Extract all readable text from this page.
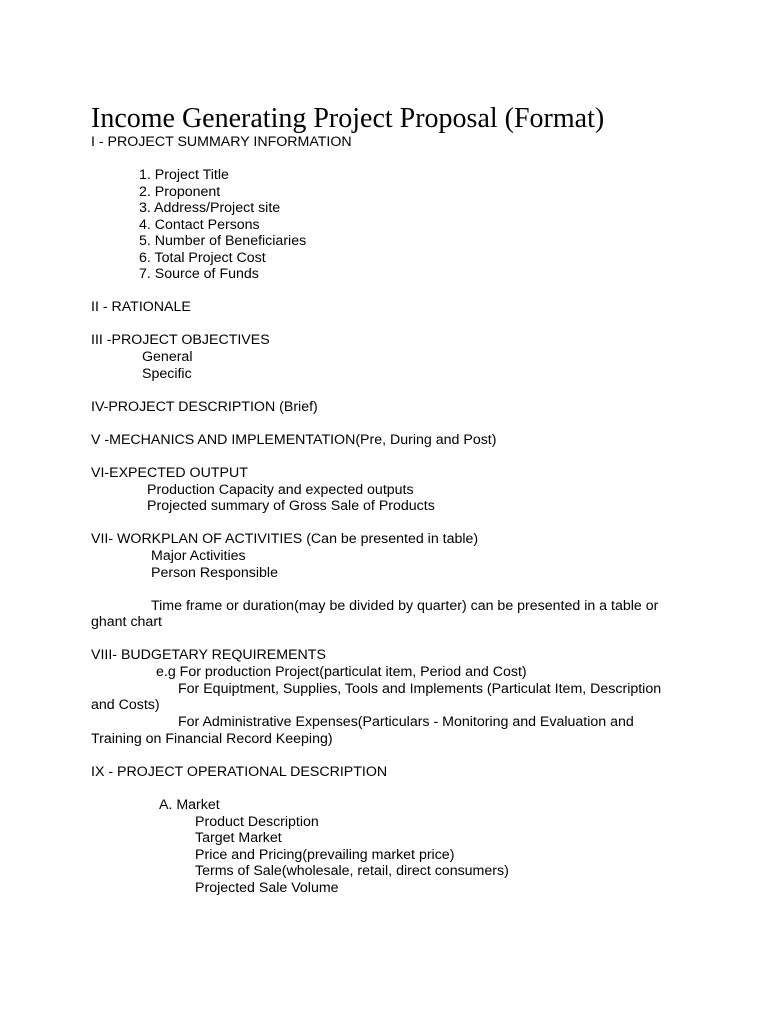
Income Generating Project Proposal (Format)

I - PROJECT SUMMARY INFORMATION

1. Project Title

2. Proponent

3. Address/Project site

4. Contact Persons

5. Number of Beneficiaries

6. Total Project Cost

7. Source of Funds

II - RATIONALE

III -PROJECT OBJECTIVES

General

Specific

IV-PROJECT DESCRIPTION (Brief)

V -MECHANICS AND IMPLEMENTATION(Pre, During and Post)

VI-EXPECTED OUTPUT

Production Capacity and expected outputs

Projected summary of Gross Sale of Products

VII- WORKPLAN OF ACTIVITIES (Can be presented in table)

Major Activities

Person Responsible

Time frame or duration(may be divided by quarter) can be presented in a table or

ghant chart

VIII- BUDGETARY REQUIREMENTS

e.g For production Project(particulat item, Period and Cost)

For Equiptment, Supplies, Tools and Implements (Particulat Item, Description

and Costs)

For Administrative Expenses(Particulars - Monitoring and Evaluation and

Training on Financial Record Keeping)

IX - PROJECT OPERATIONAL DESCRIPTION

A. Market

Product Description

Target Market

Price and Pricing(prevailing market price)

Terms of Sale(wholesale, retail, direct consumers)

Projected Sale Volume
